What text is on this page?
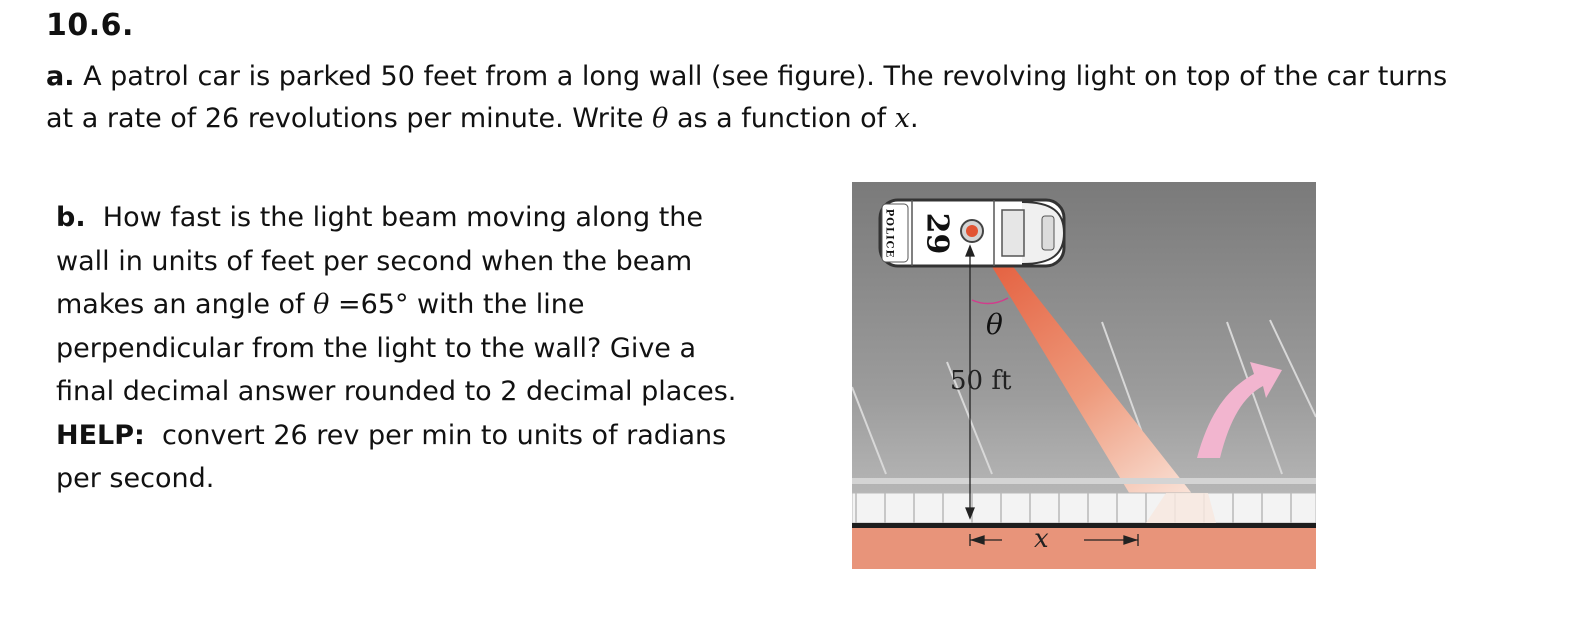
10.6.
a. A patrol car is parked 50 feet from a long wall (see figure). The revolving light on top of the car turns at a rate of 26 revolutions per minute. Write θ as a function of x.
b. How fast is the light beam moving along the wall in units of feet per second when the beam makes an angle of θ =65° with the line perpendicular from the light to the wall? Give a final decimal answer rounded to 2 decimal places.
HELP: convert 26 rev per min to units of radians per second.
29
POLICE
θ
50 ft
x
